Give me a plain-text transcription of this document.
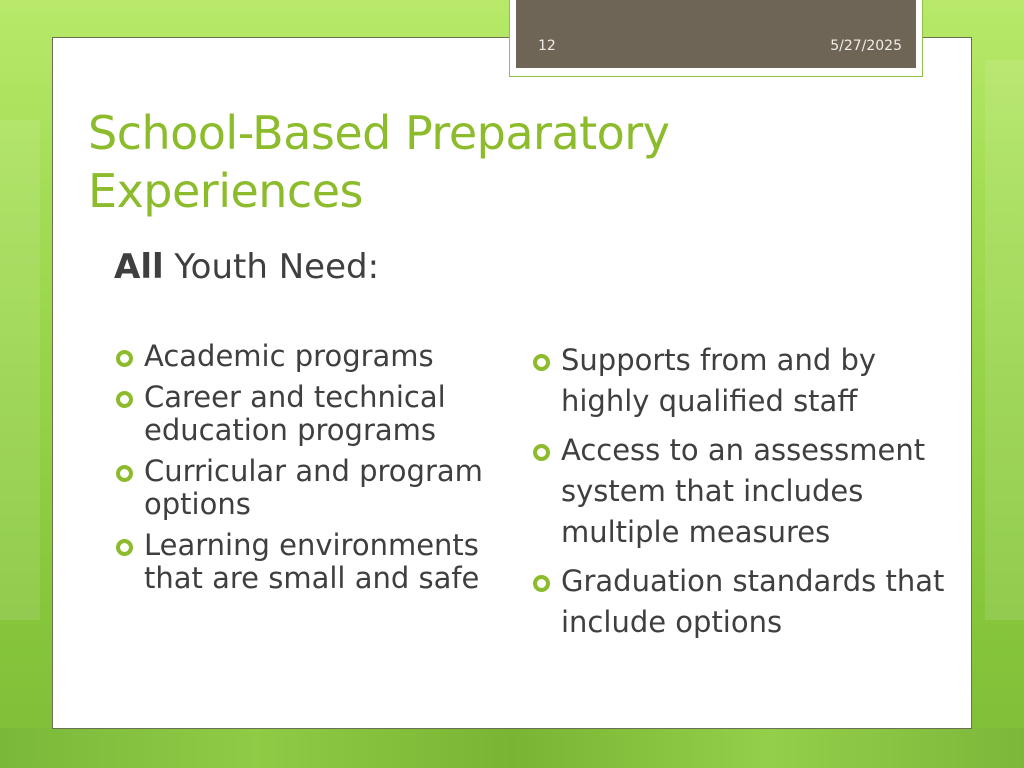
12	5/27/2025
School-Based Preparatory Experiences
All Youth Need:
Academic programs
Career and technical education programs
Curricular and program options
Learning environments that are small and safe
Supports from and by highly qualified staff
Access to an assessment system that includes multiple measures
Graduation standards that include options
